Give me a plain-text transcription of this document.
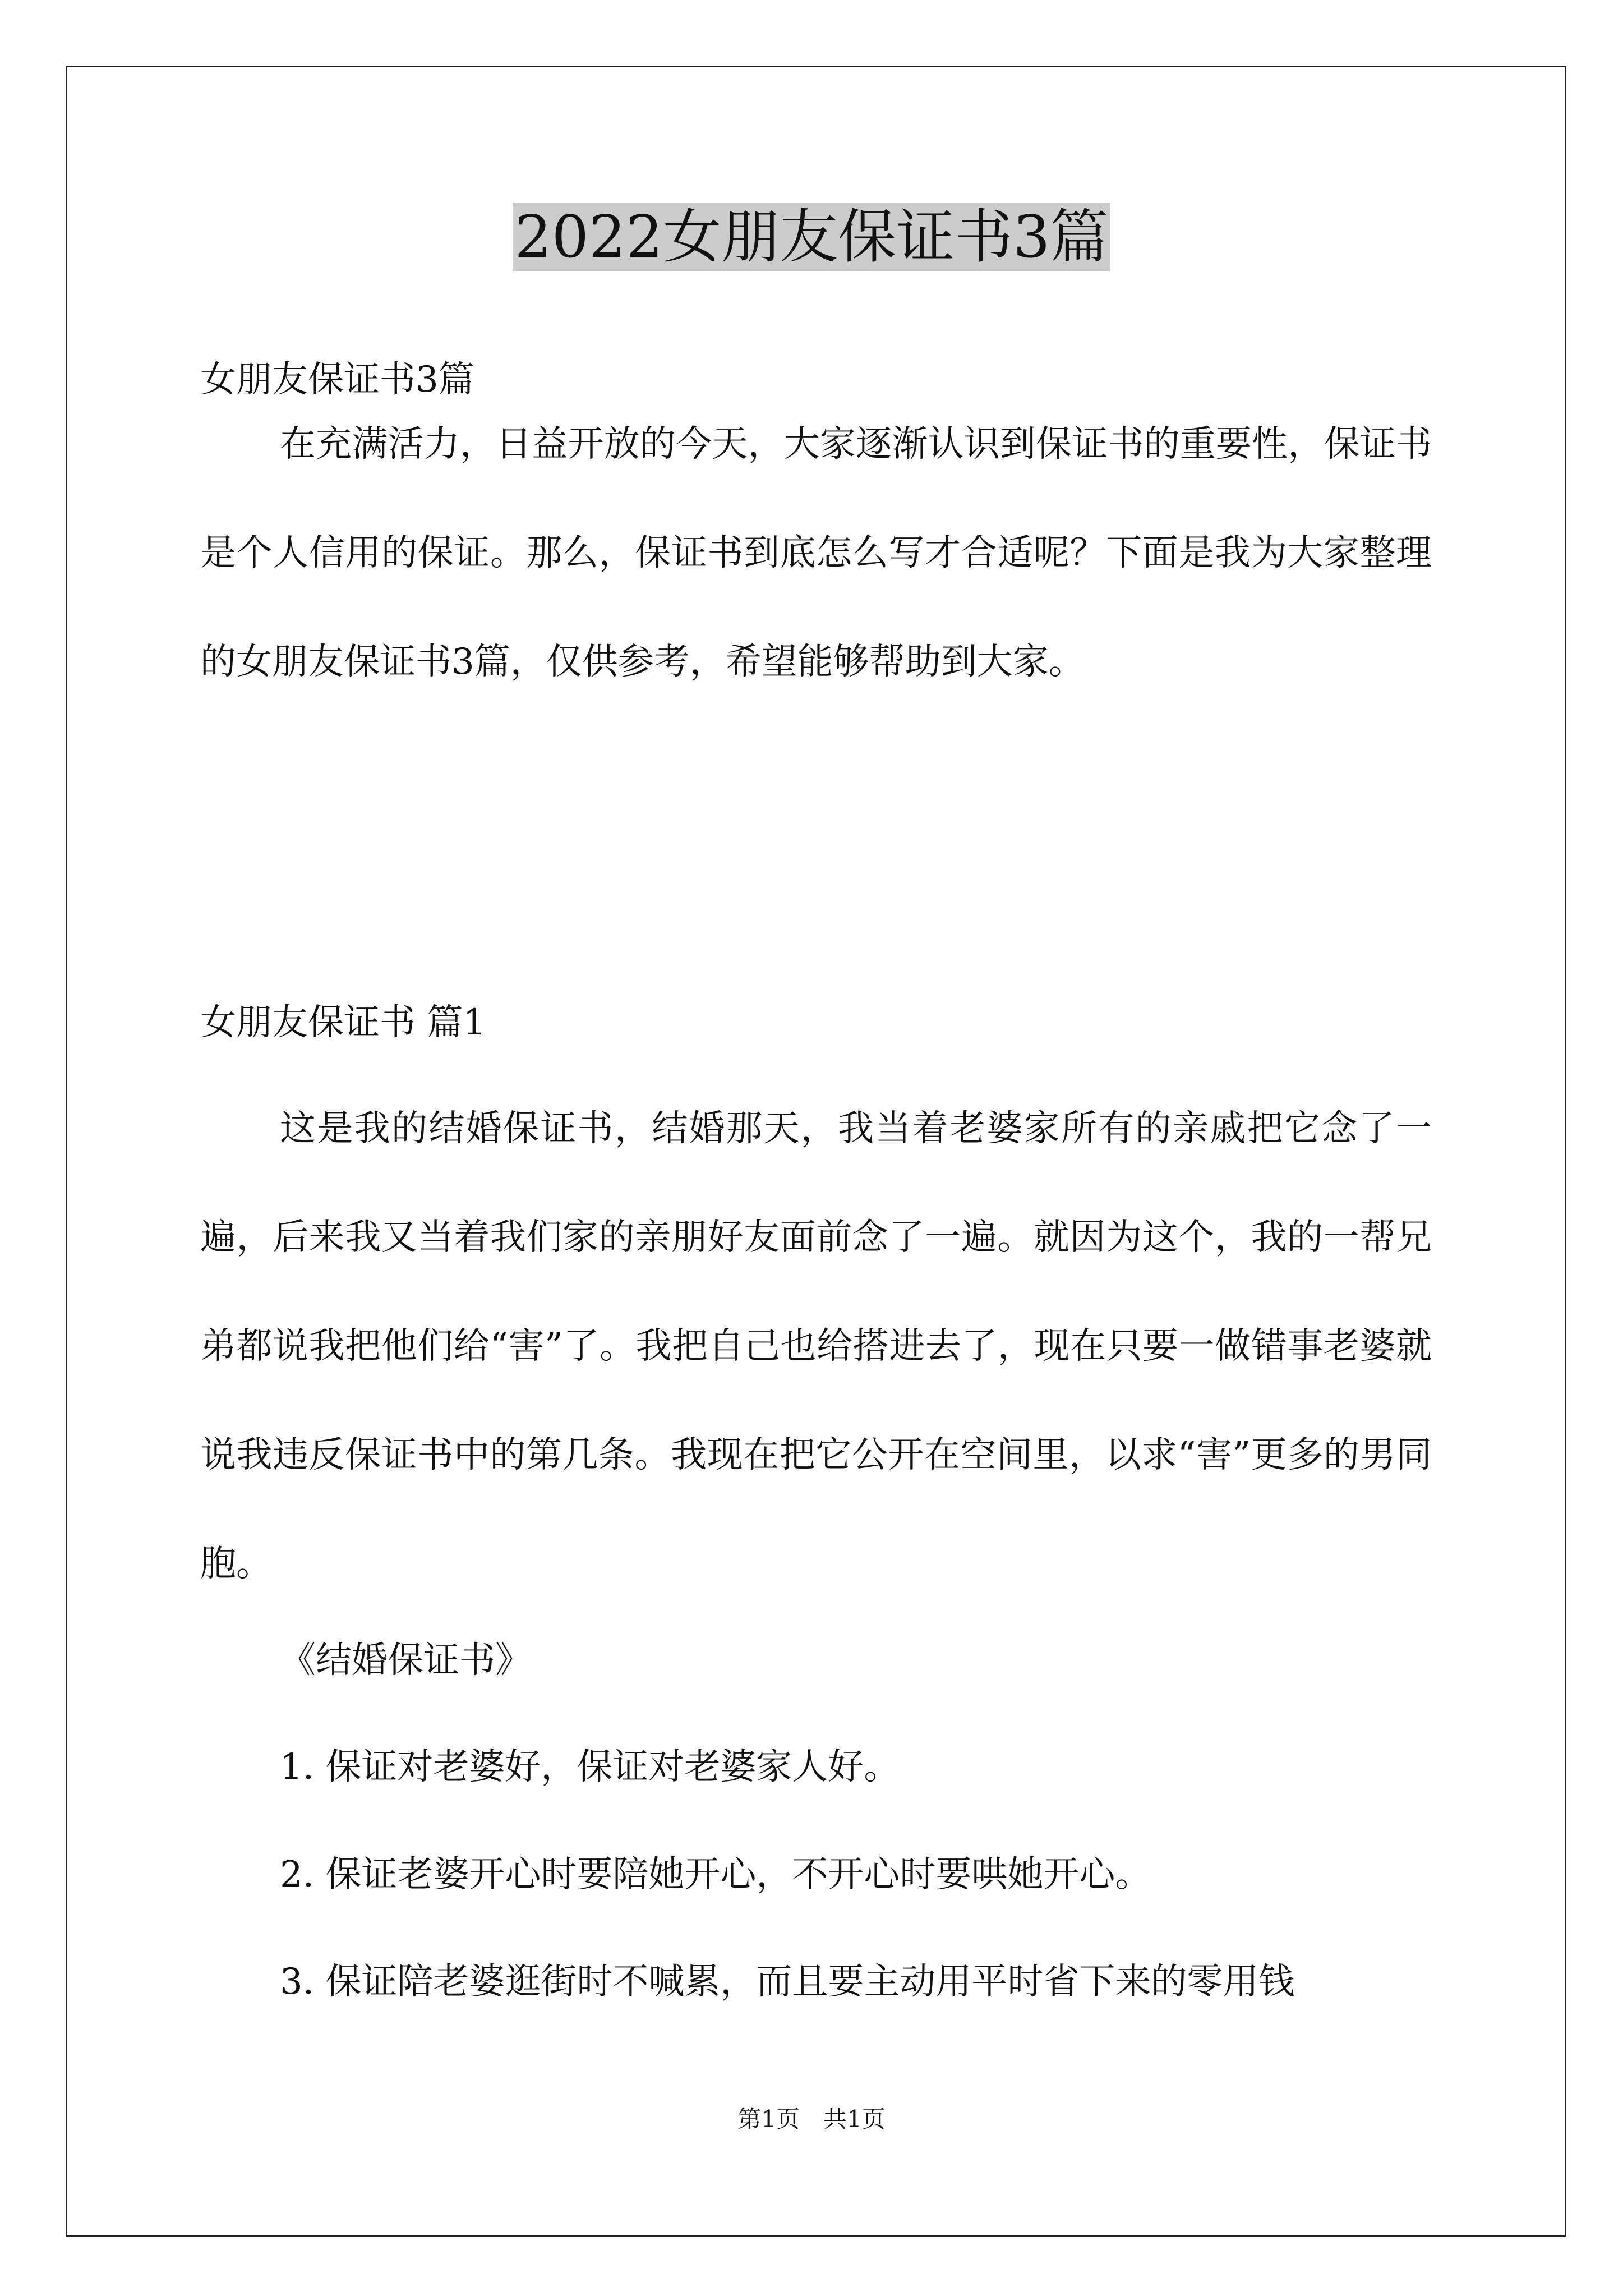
2022女朋友保证书3篇
女朋友保证书3篇
在充满活力，日益开放的今天，大家逐渐认识到保证书的重要性，保证书是个人信用的保证。那么，保证书到底怎么写才合适呢？下面是我为大家整理的女朋友保证书3篇，仅供参考，希望能够帮助到大家。
女朋友保证书 篇1
这是我的结婚保证书，结婚那天，我当着老婆家所有的亲戚把它念了一遍，后来我又当着我们家的亲朋好友面前念了一遍。就因为这个，我的一帮兄弟都说我把他们给“害”了。我把自己也给搭进去了，现在只要一做错事老婆就说我违反保证书中的第几条。我现在把它公开在空间里，以求“害”更多的男同胞。
《结婚保证书》
1. 保证对老婆好，保证对老婆家人好。
2. 保证老婆开心时要陪她开心，不开心时要哄她开心。
3. 保证陪老婆逛街时不喊累，而且要主动用平时省下来的零用钱
第1页　共1页
